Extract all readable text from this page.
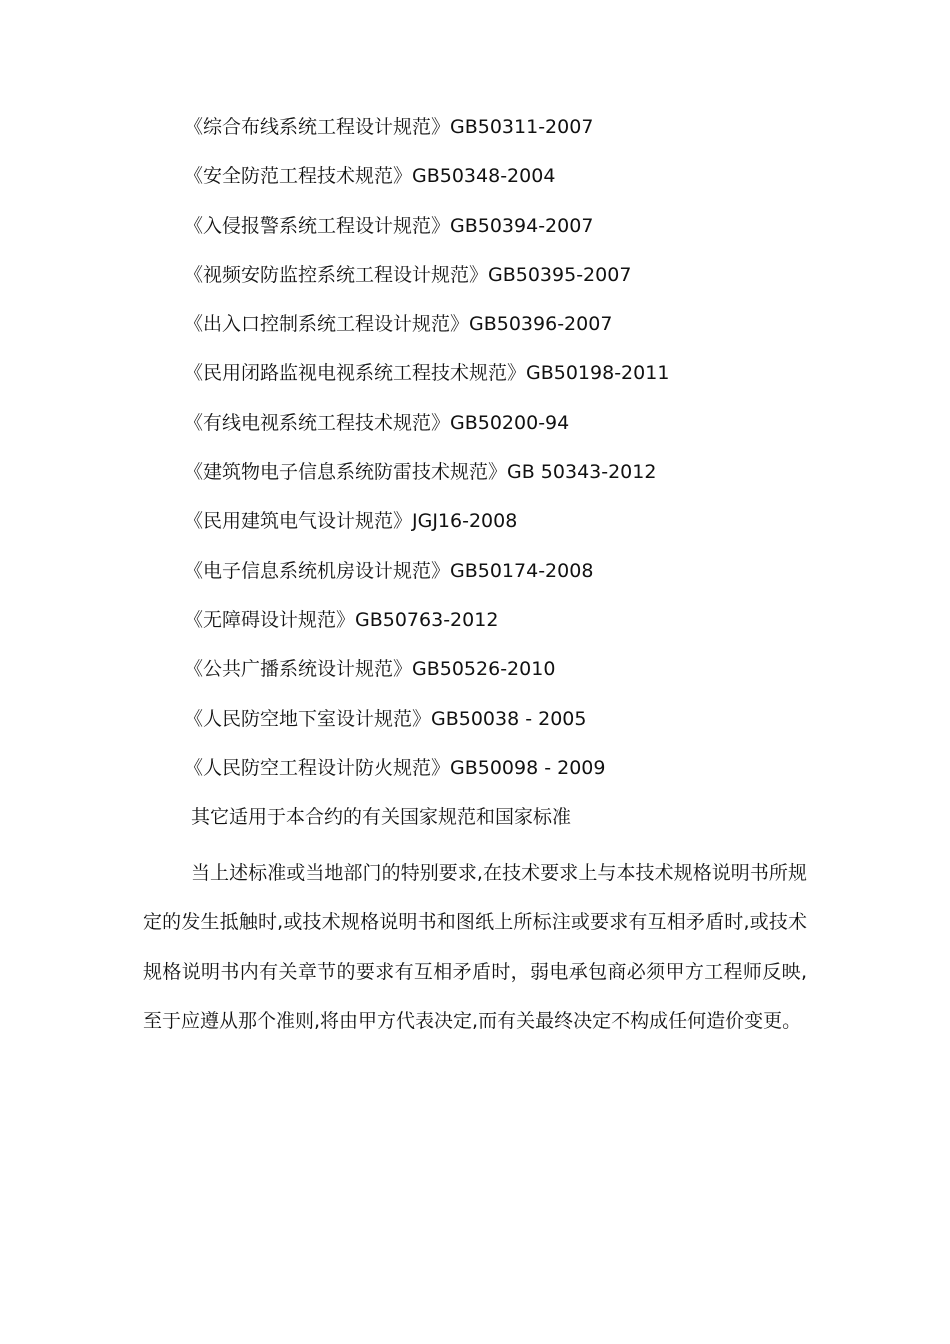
《综合布线系统工程设计规范》GB50311-2007
《安全防范工程技术规范》GB50348-2004
《入侵报警系统工程设计规范》GB50394-2007
《视频安防监控系统工程设计规范》GB50395-2007
《出入口控制系统工程设计规范》GB50396-2007
《民用闭路监视电视系统工程技术规范》GB50198-2011
《有线电视系统工程技术规范》GB50200-94
《建筑物电子信息系统防雷技术规范》GB 50343-2012
《民用建筑电气设计规范》JGJ16-2008
《电子信息系统机房设计规范》GB50174-2008
《无障碍设计规范》GB50763-2012
《公共广播系统设计规范》GB50526-2010
《人民防空地下室设计规范》GB50038 - 2005
《人民防空工程设计防火规范》GB50098 - 2009
其它适用于本合约的有关国家规范和国家标准

当上述标准或当地部门的特别要求,在技术要求上与本技术规格说明书所规定的发生抵触时,或技术规格说明书和图纸上所标注或要求有互相矛盾时,或技术规格说明书内有关章节的要求有互相矛盾时，弱电承包商必须甲方工程师反映,至于应遵从那个准则,将由甲方代表决定,而有关最终决定不构成任何造价变更。
